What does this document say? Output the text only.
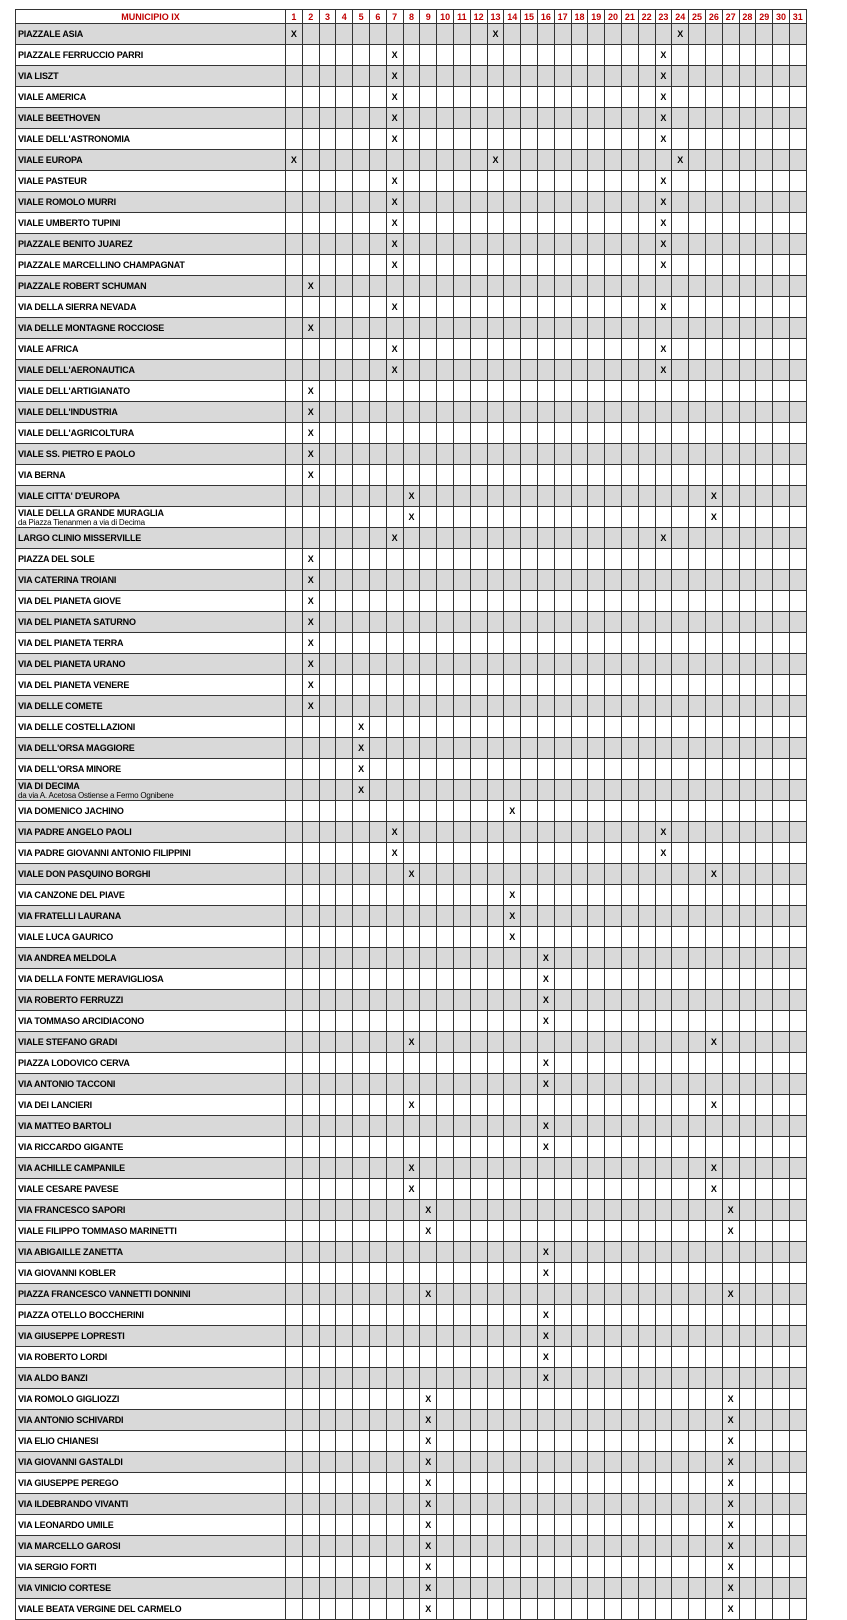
MUNICIPIO IX	1	2	3	4	5	6	7	8	9	10	11	12	13	14	15	16	17	18	19	20	21	22	23	24	25	26	27	28	29	30	31
PIAZZALE ASIA	X												X											X							
PIAZZALE FERRUCCIO PARRI							X																X								
VIA LISZT							X																X								
VIALE AMERICA							X																X								
VIALE BEETHOVEN							X																X								
VIALE DELL'ASTRONOMIA							X																X								
VIALE EUROPA	X												X											X							
VIALE PASTEUR							X																X								
VIALE ROMOLO MURRI							X																X								
VIALE UMBERTO TUPINI							X																X								
PIAZZALE BENITO JUAREZ							X																X								
PIAZZALE MARCELLINO CHAMPAGNAT							X																X								
PIAZZALE ROBERT SCHUMAN		X																													
VIA DELLA SIERRA NEVADA							X																X								
VIA DELLE MONTAGNE ROCCIOSE		X																													
VIALE AFRICA							X																X								
VIALE DELL'AERONAUTICA							X																X								
VIALE DELL'ARTIGIANATO		X																													
VIALE DELL'INDUSTRIA		X																													
VIALE DELL'AGRICOLTURA		X																													
VIALE SS. PIETRO E PAOLO		X																													
VIA BERNA		X																													
VIALE CITTA' D'EUROPA								X																		X					

VIALE DELLA GRANDE MURAGLIA
da Piazza Tienanmen a via di Decima								X																		X					
LARGO CLINIO MISSERVILLE							X																X								
PIAZZA DEL SOLE		X																													
VIA CATERINA TROIANI		X																													
VIA DEL PIANETA GIOVE		X																													
VIA DEL PIANETA SATURNO		X																													
VIA DEL PIANETA TERRA		X																													
VIA DEL PIANETA URANO		X																													
VIA DEL PIANETA VENERE		X																													
VIA DELLE COMETE		X																													
VIA DELLE COSTELLAZIONI					X																										
VIA DELL'ORSA MAGGIORE					X																										
VIA DELL'ORSA MINORE					X																										

VIA DI DECIMA
da via A. Acetosa Ostiense a Fermo Ognibene					X																										
VIA DOMENICO JACHINO														X																	
VIA PADRE ANGELO PAOLI							X																X								
VIA PADRE GIOVANNI ANTONIO FILIPPINI							X																X								
VIALE DON PASQUINO BORGHI								X																		X					
VIA CANZONE DEL PIAVE														X																	
VIA FRATELLI LAURANA														X																	
VIALE LUCA GAURICO														X																	
VIA ANDREA MELDOLA																X															
VIA DELLA FONTE MERAVIGLIOSA																X															
VIA ROBERTO FERRUZZI																X															
VIA TOMMASO ARCIDIACONO																X															
VIALE STEFANO GRADI								X																		X					
PIAZZA LODOVICO CERVA																X															
VIA ANTONIO TACCONI																X															
VIA DEI LANCIERI								X																		X					
VIA MATTEO BARTOLI																X															
VIA RICCARDO GIGANTE																X															
VIA ACHILLE CAMPANILE								X																		X					
VIALE CESARE PAVESE								X																		X					
VIA FRANCESCO SAPORI									X																		X				
VIALE FILIPPO TOMMASO MARINETTI									X																		X				
VIA ABIGAILLE ZANETTA																X															
VIA GIOVANNI KOBLER																X															
PIAZZA FRANCESCO VANNETTI DONNINI									X																		X				
PIAZZA OTELLO BOCCHERINI																X															
VIA GIUSEPPE LOPRESTI																X															
VIA ROBERTO LORDI																X															
VIA ALDO BANZI																X															
VIA ROMOLO GIGLIOZZI									X																		X				
VIA ANTONIO SCHIVARDI									X																		X				
VIA ELIO CHIANESI									X																		X				
VIA GIOVANNI GASTALDI									X																		X				
VIA GIUSEPPE PEREGO									X																		X				
VIA ILDEBRANDO VIVANTI									X																		X				
VIA LEONARDO UMILE									X																		X				
VIA MARCELLO GAROSI									X																		X				
VIA SERGIO FORTI									X																		X				
VIA VINICIO CORTESE									X																		X				
VIALE BEATA VERGINE DEL CARMELO									X																		X				
